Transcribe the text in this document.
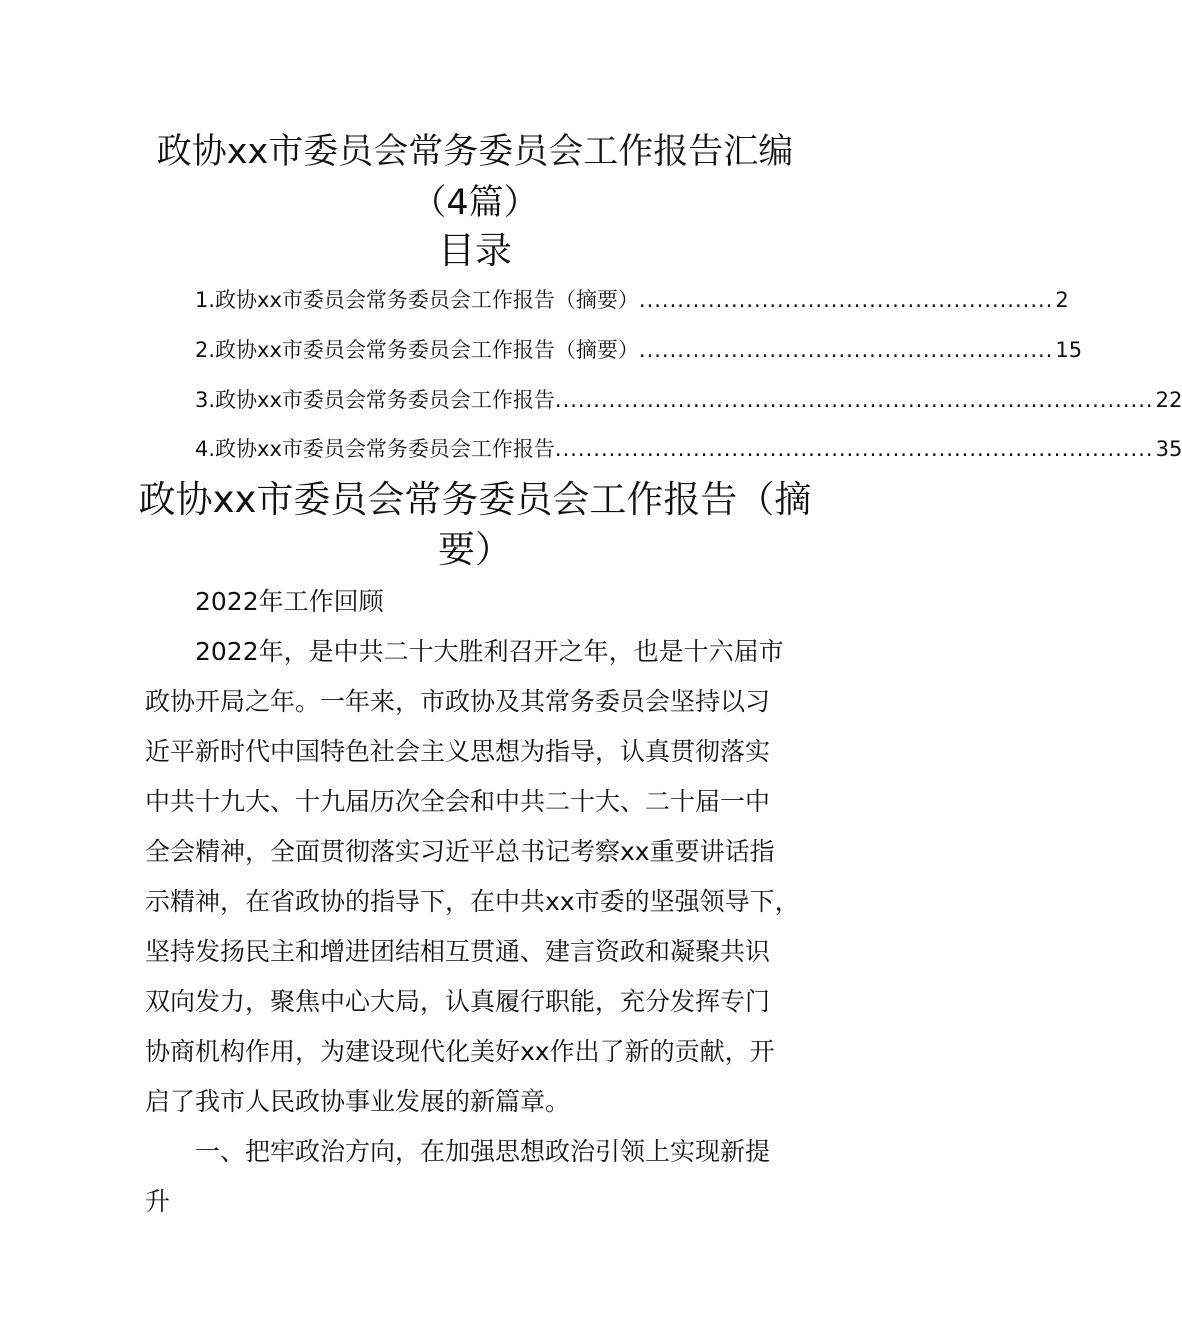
政协xx市委员会常务委员会工作报告汇编
（4篇）
目录
1.政协xx市委员会常务委员会工作报告（摘要） ...................................................... 2
2.政协xx市委员会常务委员会工作报告（摘要） ...................................................... 15
3.政协xx市委员会常务委员会工作报告 .............................................................................. 22
4.政协xx市委员会常务委员会工作报告 .............................................................................. 35
政协xx市委员会常务委员会工作报告（摘
要）
2022年工作回顾
2022年，是中共二十大胜利召开之年，也是十六届市
政协开局之年。一年来，市政协及其常务委员会坚持以习
近平新时代中国特色社会主义思想为指导，认真贯彻落实
中共十九大、十九届历次全会和中共二十大、二十届一中
全会精神，全面贯彻落实习近平总书记考察xx重要讲话指
示精神，在省政协的指导下，在中共xx市委的坚强领导下，
坚持发扬民主和增进团结相互贯通、建言资政和凝聚共识
双向发力，聚焦中心大局，认真履行职能，充分发挥专门
协商机构作用，为建设现代化美好xx作出了新的贡献，开
启了我市人民政协事业发展的新篇章。
一、把牢政治方向，在加强思想政治引领上实现新提
升
